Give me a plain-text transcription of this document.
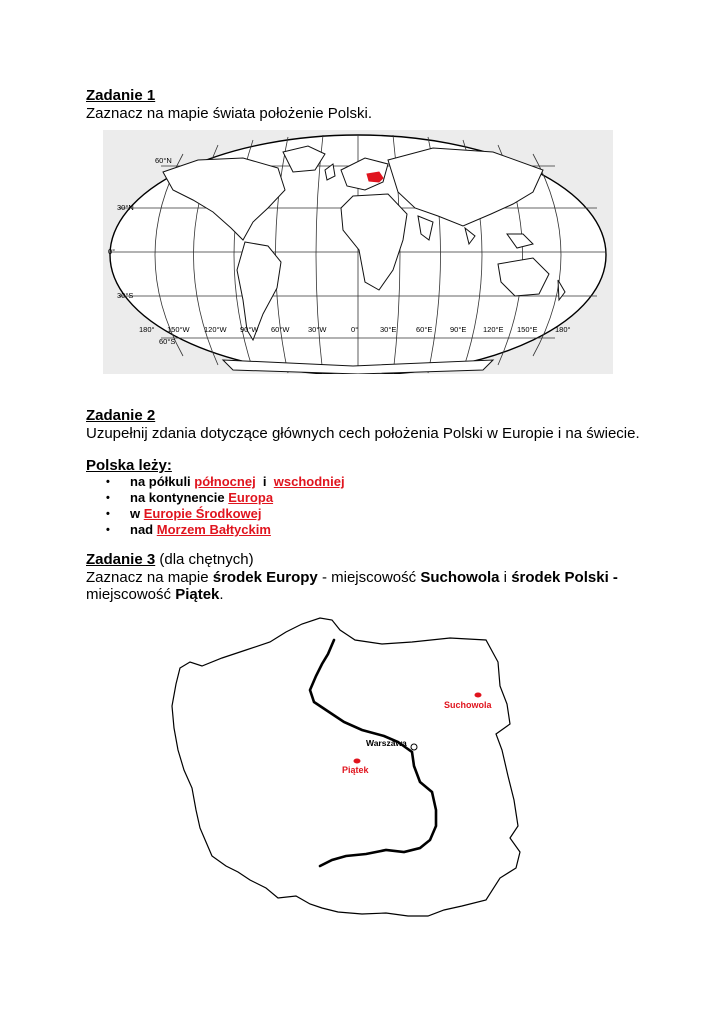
Zadanie 1
Zaznacz na mapie świata położenie Polski.
60°N
30°N
0°
30°S
60°S
180° 150°W 120°W 90°W 60°W 30°W	0°	30°E	60°E 90°E 120°E 150°E 180°
Zadanie 2
Uzupełnij zdania dotyczące głównych cech położenia Polski w Europie i na świecie.
Polska leży:
• na półkuli północnej i wschodniej
• na kontynencie Europa
• w Europie Środkowej
• nad Morzem Bałtyckim
Zadanie 3 (dla chętnych)
Zaznacz na mapie środek Europy - miejscowość Suchowola i środek Polski -
miejscowość Piątek.
Warszawa
Suchowola
Piątek
